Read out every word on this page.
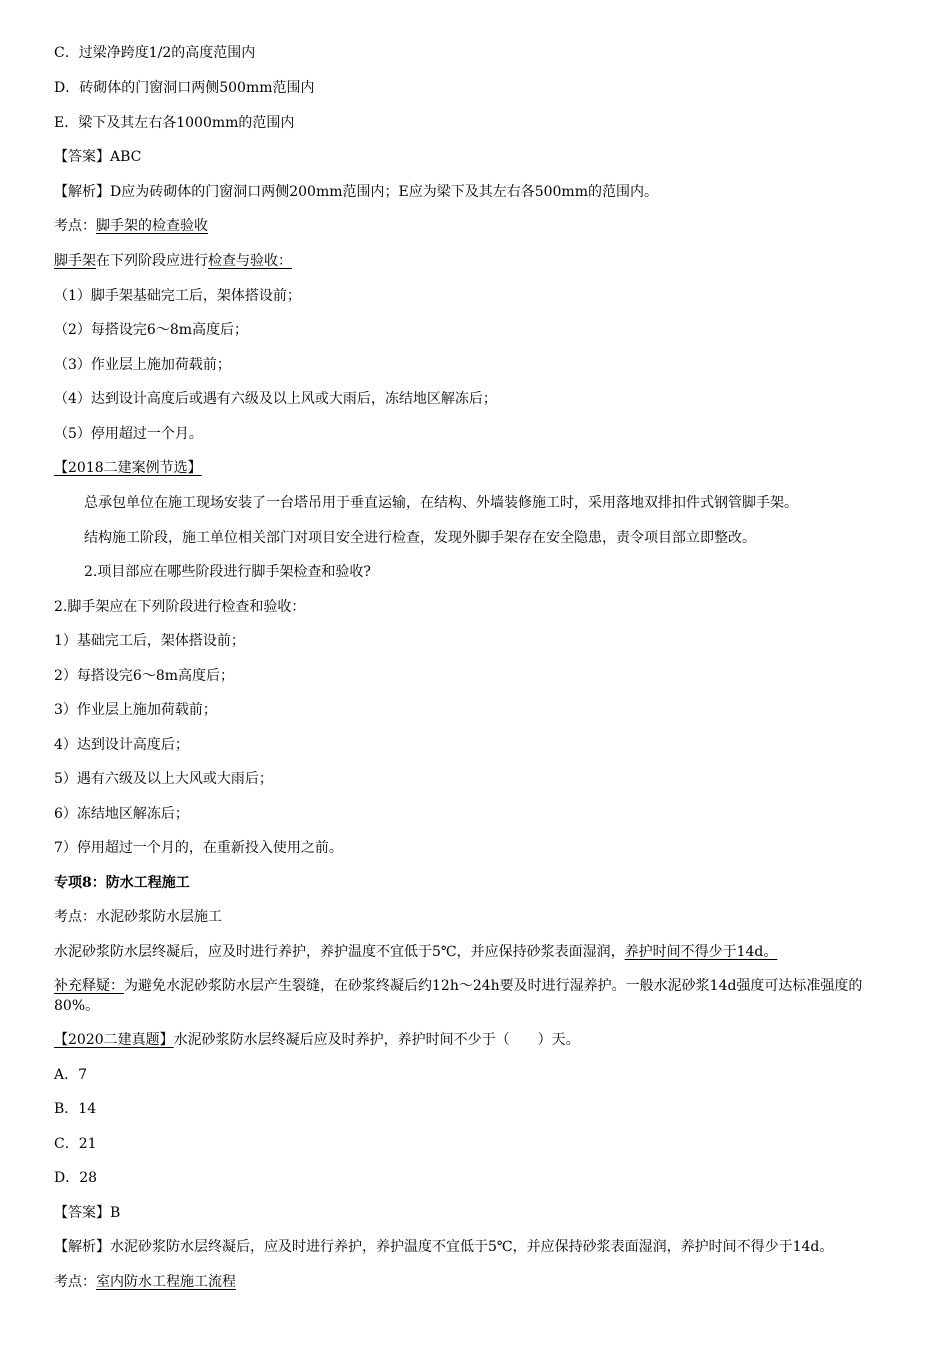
C．过梁净跨度1/2的高度范围内
D．砖砌体的门窗洞口两侧500mm范围内
E．梁下及其左右各1000mm的范围内
【答案】ABC
【解析】D应为砖砌体的门窗洞口两侧200mm范围内；E应为梁下及其左右各500mm的范围内。
考点：脚手架的检查验收
脚手架在下列阶段应进行检查与验收：
（1）脚手架基础完工后，架体搭设前；
（2）每搭设完6～8m高度后；
（3）作业层上施加荷载前；
（4）达到设计高度后或遇有六级及以上风或大雨后，冻结地区解冻后；
（5）停用超过一个月。
【2018二建案例节选】
总承包单位在施工现场安装了一台塔吊用于垂直运输，在结构、外墙装修施工时，采用落地双排扣件式钢管脚手架。
结构施工阶段，施工单位相关部门对项目安全进行检查，发现外脚手架存在安全隐患，责令项目部立即整改。
2.项目部应在哪些阶段进行脚手架检查和验收?
2.脚手架应在下列阶段进行检查和验收：
1）基础完工后，架体搭设前；
2）每搭设完6～8m高度后；
3）作业层上施加荷载前；
4）达到设计高度后；
5）遇有六级及以上大风或大雨后；
6）冻结地区解冻后；
7）停用超过一个月的，在重新投入使用之前。
专项8：防水工程施工
考点：水泥砂浆防水层施工
水泥砂浆防水层终凝后，应及时进行养护，养护温度不宜低于5℃，并应保持砂浆表面湿润，养护时间不得少于14d。
补充释疑：为避免水泥砂浆防水层产生裂缝，在砂浆终凝后约12h～24h要及时进行湿养护。一般水泥砂浆14d强度可达标准强度的80%。
【2020二建真题】水泥砂浆防水层终凝后应及时养护，养护时间不少于（　　）天。
A．7
B．14
C．21
D．28
【答案】B
【解析】水泥砂浆防水层终凝后，应及时进行养护，养护温度不宜低于5℃，并应保持砂浆表面湿润，养护时间不得少于14d。
考点：室内防水工程施工流程
